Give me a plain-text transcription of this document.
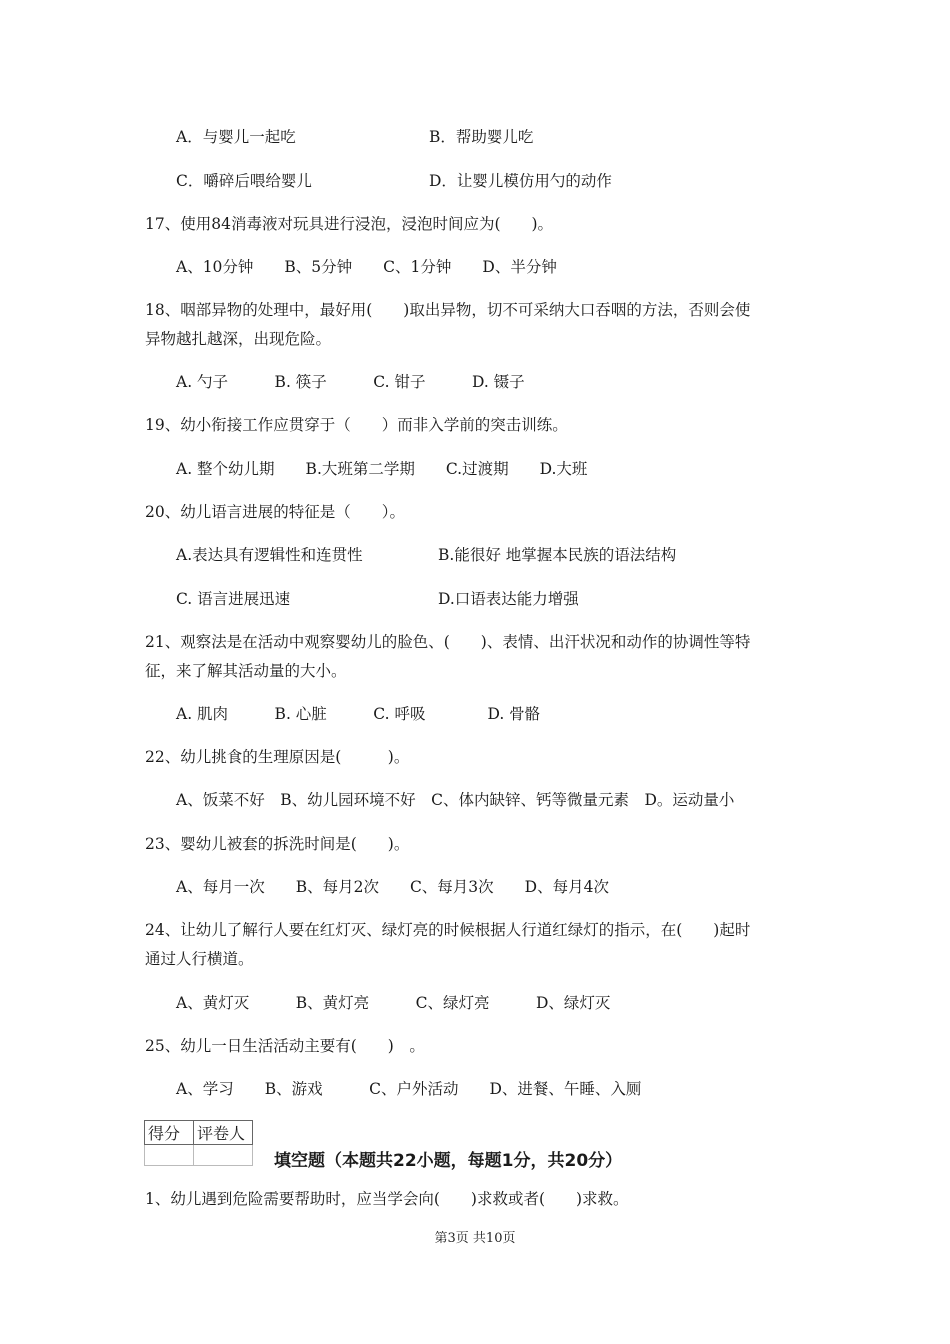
A．与婴儿一起吃	B．帮助婴儿吃
C．嚼碎后喂给婴儿	D．让婴儿模仿用勺的动作
17、使用84消毒液对玩具进行浸泡，浸泡时间应为(　　)。
A、10分钟　　B、5分钟　　C、1分钟　　D、半分钟
18、咽部异物的处理中，最好用(　　)取出异物，切不可采纳大口吞咽的方法，否则会使
异物越扎越深，出现危险。
A. 勺子　　　B. 筷子　　　C. 钳子　　　D. 镊子
19、幼小衔接工作应贯穿于（　　）而非入学前的突击训练。
A. 整个幼儿期　　B.大班第二学期　　C.过渡期　　D.大班
20、幼儿语言进展的特征是（　　）。
A.表达具有逻辑性和连贯性	B.能很好 地掌握本民族的语法结构
C. 语言进展迅速	D.口语表达能力增强
21、观察法是在活动中观察婴幼儿的脸色、(　　)、表情、出汗状况和动作的协调性等特
征，来了解其活动量的大小。
A. 肌肉　　　B. 心脏　　　C. 呼吸　　　　D. 骨骼
22、幼儿挑食的生理原因是(　　　)。
A、饭菜不好　B、幼儿园环境不好　C、体内缺锌、钙等微量元素　D。运动量小
23、婴幼儿被套的拆洗时间是(　　)。
A、每月一次　　B、每月2次　　C、每月3次　　D、每月4次
24、让幼儿了解行人要在红灯灭、绿灯亮的时候根据人行道红绿灯的指示，在(　　)起时
通过人行横道。
A、黄灯灭　　　B、黄灯亮　　　C、绿灯亮　　　D、绿灯灭
25、幼儿一日生活活动主要有(　　)　。
A、学习　　B、游戏　　　C、户外活动　　D、进餐、午睡、入厕
得分	评卷人

填空题（本题共22小题，每题1分，共20分）
1、幼儿遇到危险需要帮助时，应当学会向(　　)求救或者(　　)求救。
第3页 共10页
